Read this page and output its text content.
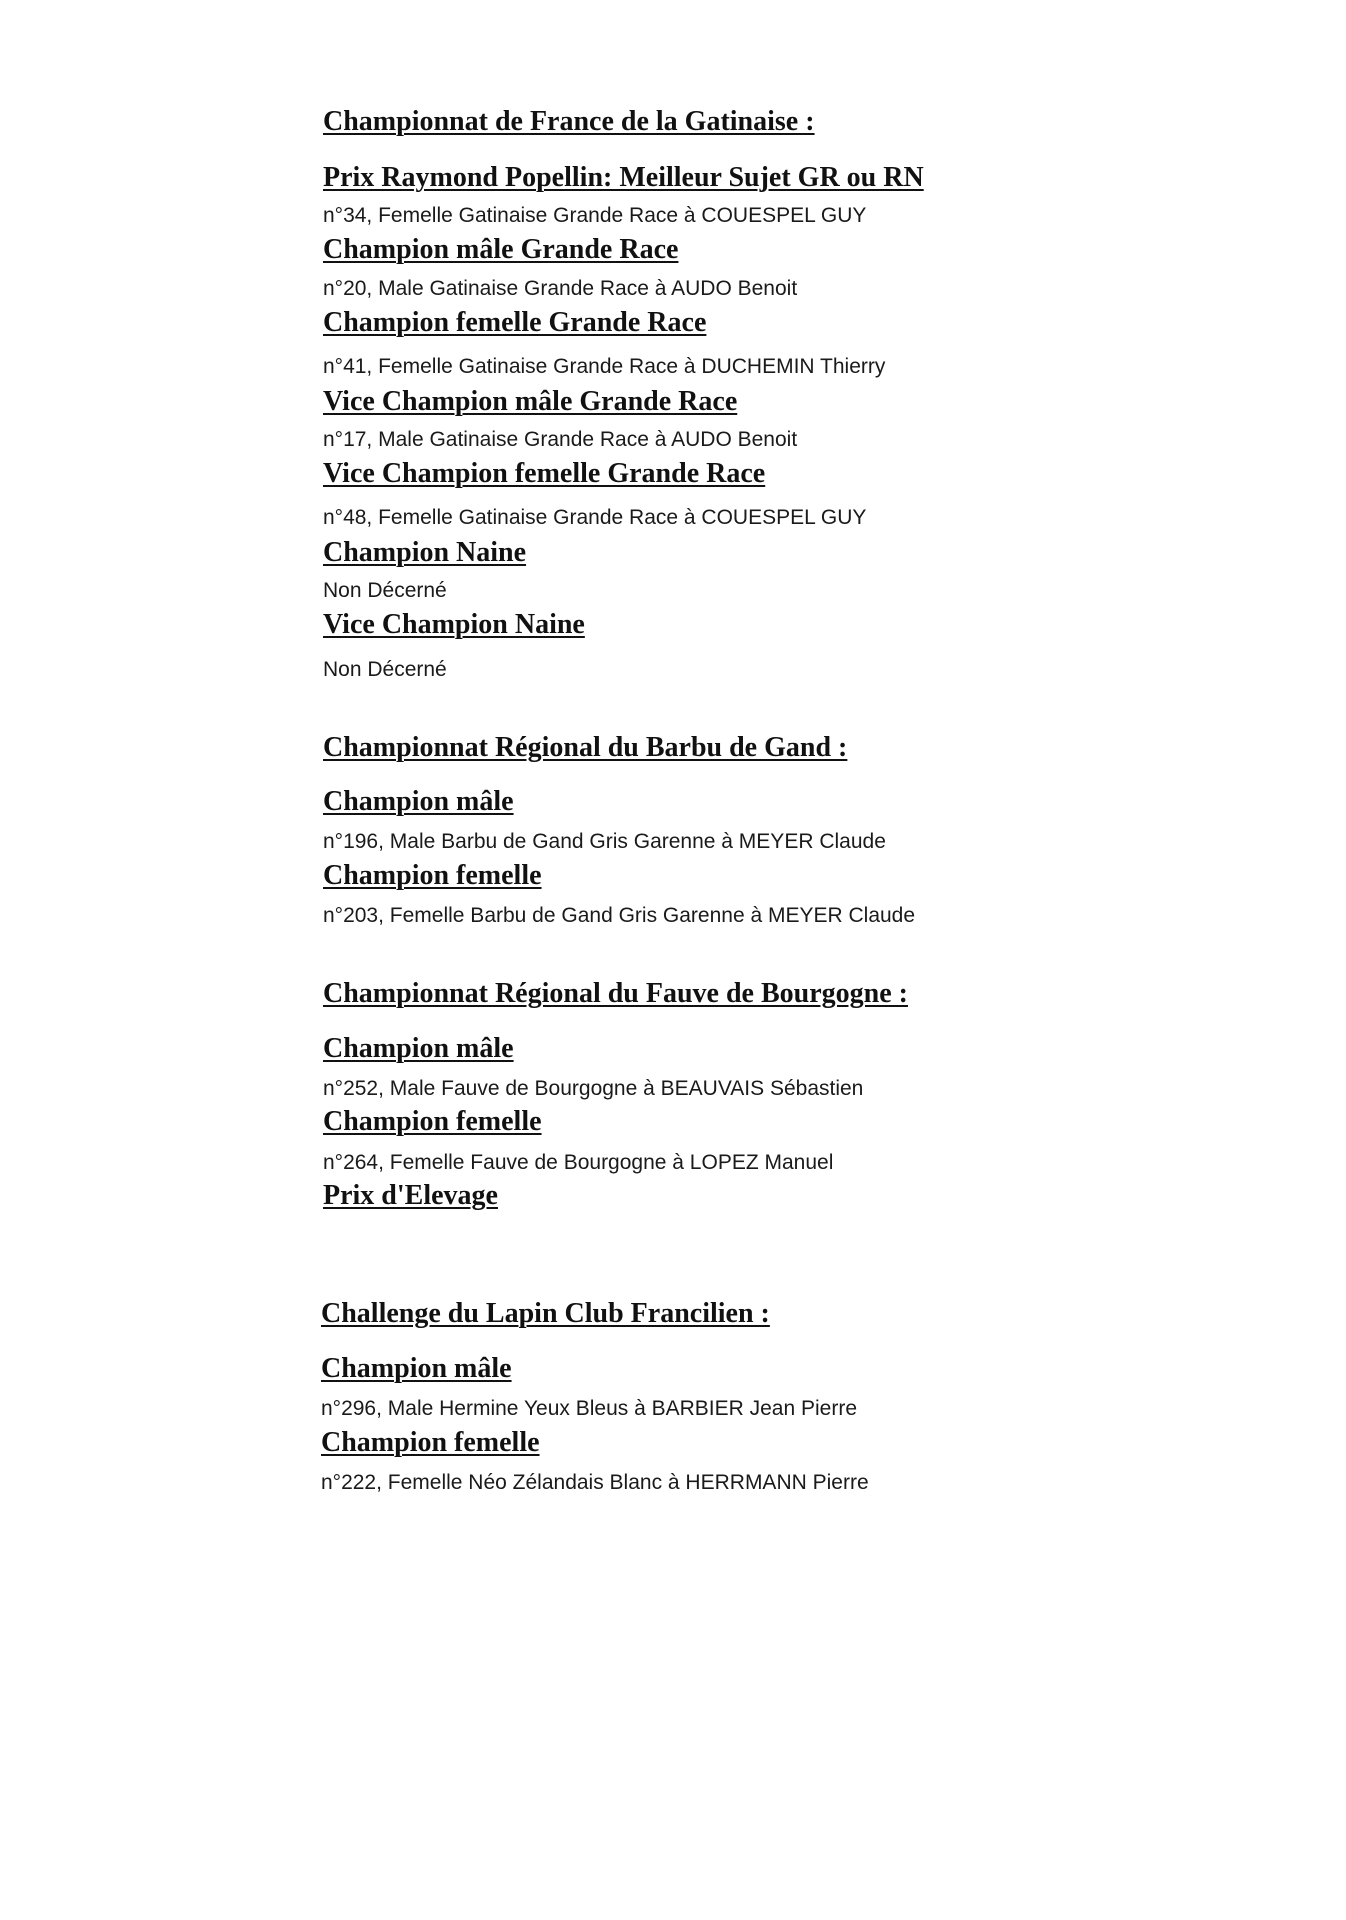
Championnat de France de la Gatinaise :
Prix Raymond Popellin: Meilleur Sujet GR ou RN
n°34, Femelle Gatinaise Grande Race à COUESPEL GUY
Champion mâle Grande Race
n°20, Male Gatinaise Grande Race à AUDO Benoit
Champion femelle Grande Race
n°41, Femelle Gatinaise Grande Race à DUCHEMIN Thierry
Vice Champion mâle Grande Race
n°17, Male Gatinaise Grande Race à AUDO Benoit
Vice Champion femelle Grande Race
n°48, Femelle Gatinaise Grande Race à COUESPEL GUY
Champion Naine
Non Décerné
Vice Champion Naine
Non Décerné
Championnat Régional du Barbu de Gand :
Champion mâle
n°196, Male Barbu de Gand Gris Garenne à MEYER Claude
Champion femelle
n°203, Femelle Barbu de Gand Gris Garenne à MEYER Claude
Championnat Régional du Fauve de Bourgogne :
Champion mâle
n°252, Male Fauve de Bourgogne à BEAUVAIS Sébastien
Champion femelle
n°264, Femelle Fauve de Bourgogne à LOPEZ Manuel
Prix d'Elevage
Challenge du Lapin Club Francilien :
Champion mâle
n°296, Male Hermine Yeux Bleus à BARBIER Jean Pierre
Champion femelle
n°222, Femelle Néo Zélandais Blanc à HERRMANN Pierre
